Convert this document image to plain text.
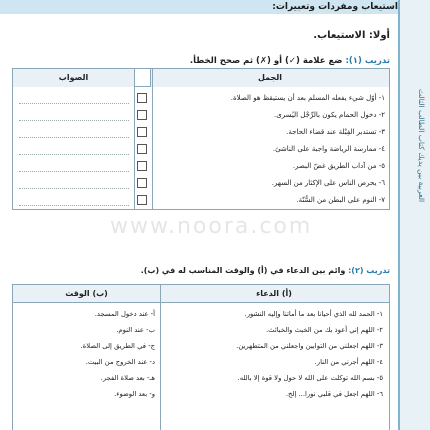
استيعاب ومفردات وتعبيرات:
العربية بين يديك كتاب الطالب الثالث
أولا: الاستيعاب.
تدريب (١): ضع علامة (✓) أو (✗) ثم صحح الخطأ.
الجمل
الصواب
١- أوّل شيء يفعله المسلم بعد أن يستيقظ هو الصلاة.
٢- دخول الحمام يكون بالرِّجْل اليُسرى.
٣- تستدبر القِبْلة عند قضاء الحاجة.
٤- ممارسة الرياضة واجبة على الناشئ.
٥- من آداب الطريق غضّ البصر.
٦- يحرص الناس على الإكثار من السهر.
٧- النوم على البطن من السُّنّة.
www.noora.com
تدريب (٢): وائم بين الدعاء في (أ) والوقت المناسب له في (ب).
(أ) الدعاء
(ب) الوقت
١- الحمد لله الذي أحيانا بعد ما أماتنا وإليه النشور.
٢- اللهم إني أعوذ بك من الخبث والخبائث.
٣- اللهم اجعلني من التوابين واجعلني من المتطهرين.
٤- اللهم أجرني من النار.
٥- بسم الله توكلت على الله لا حول ولا قوة إلا بالله.
٦- اللهم اجعل في قلبي نورا... إلخ.
أ- عند دخول المسجد.
ب- عند النوم.
ج- في الطريق إلى الصلاة.
د- عند الخروج من البيت.
هـ- بعد صلاة الفجر.
و- بعد الوضوء.
